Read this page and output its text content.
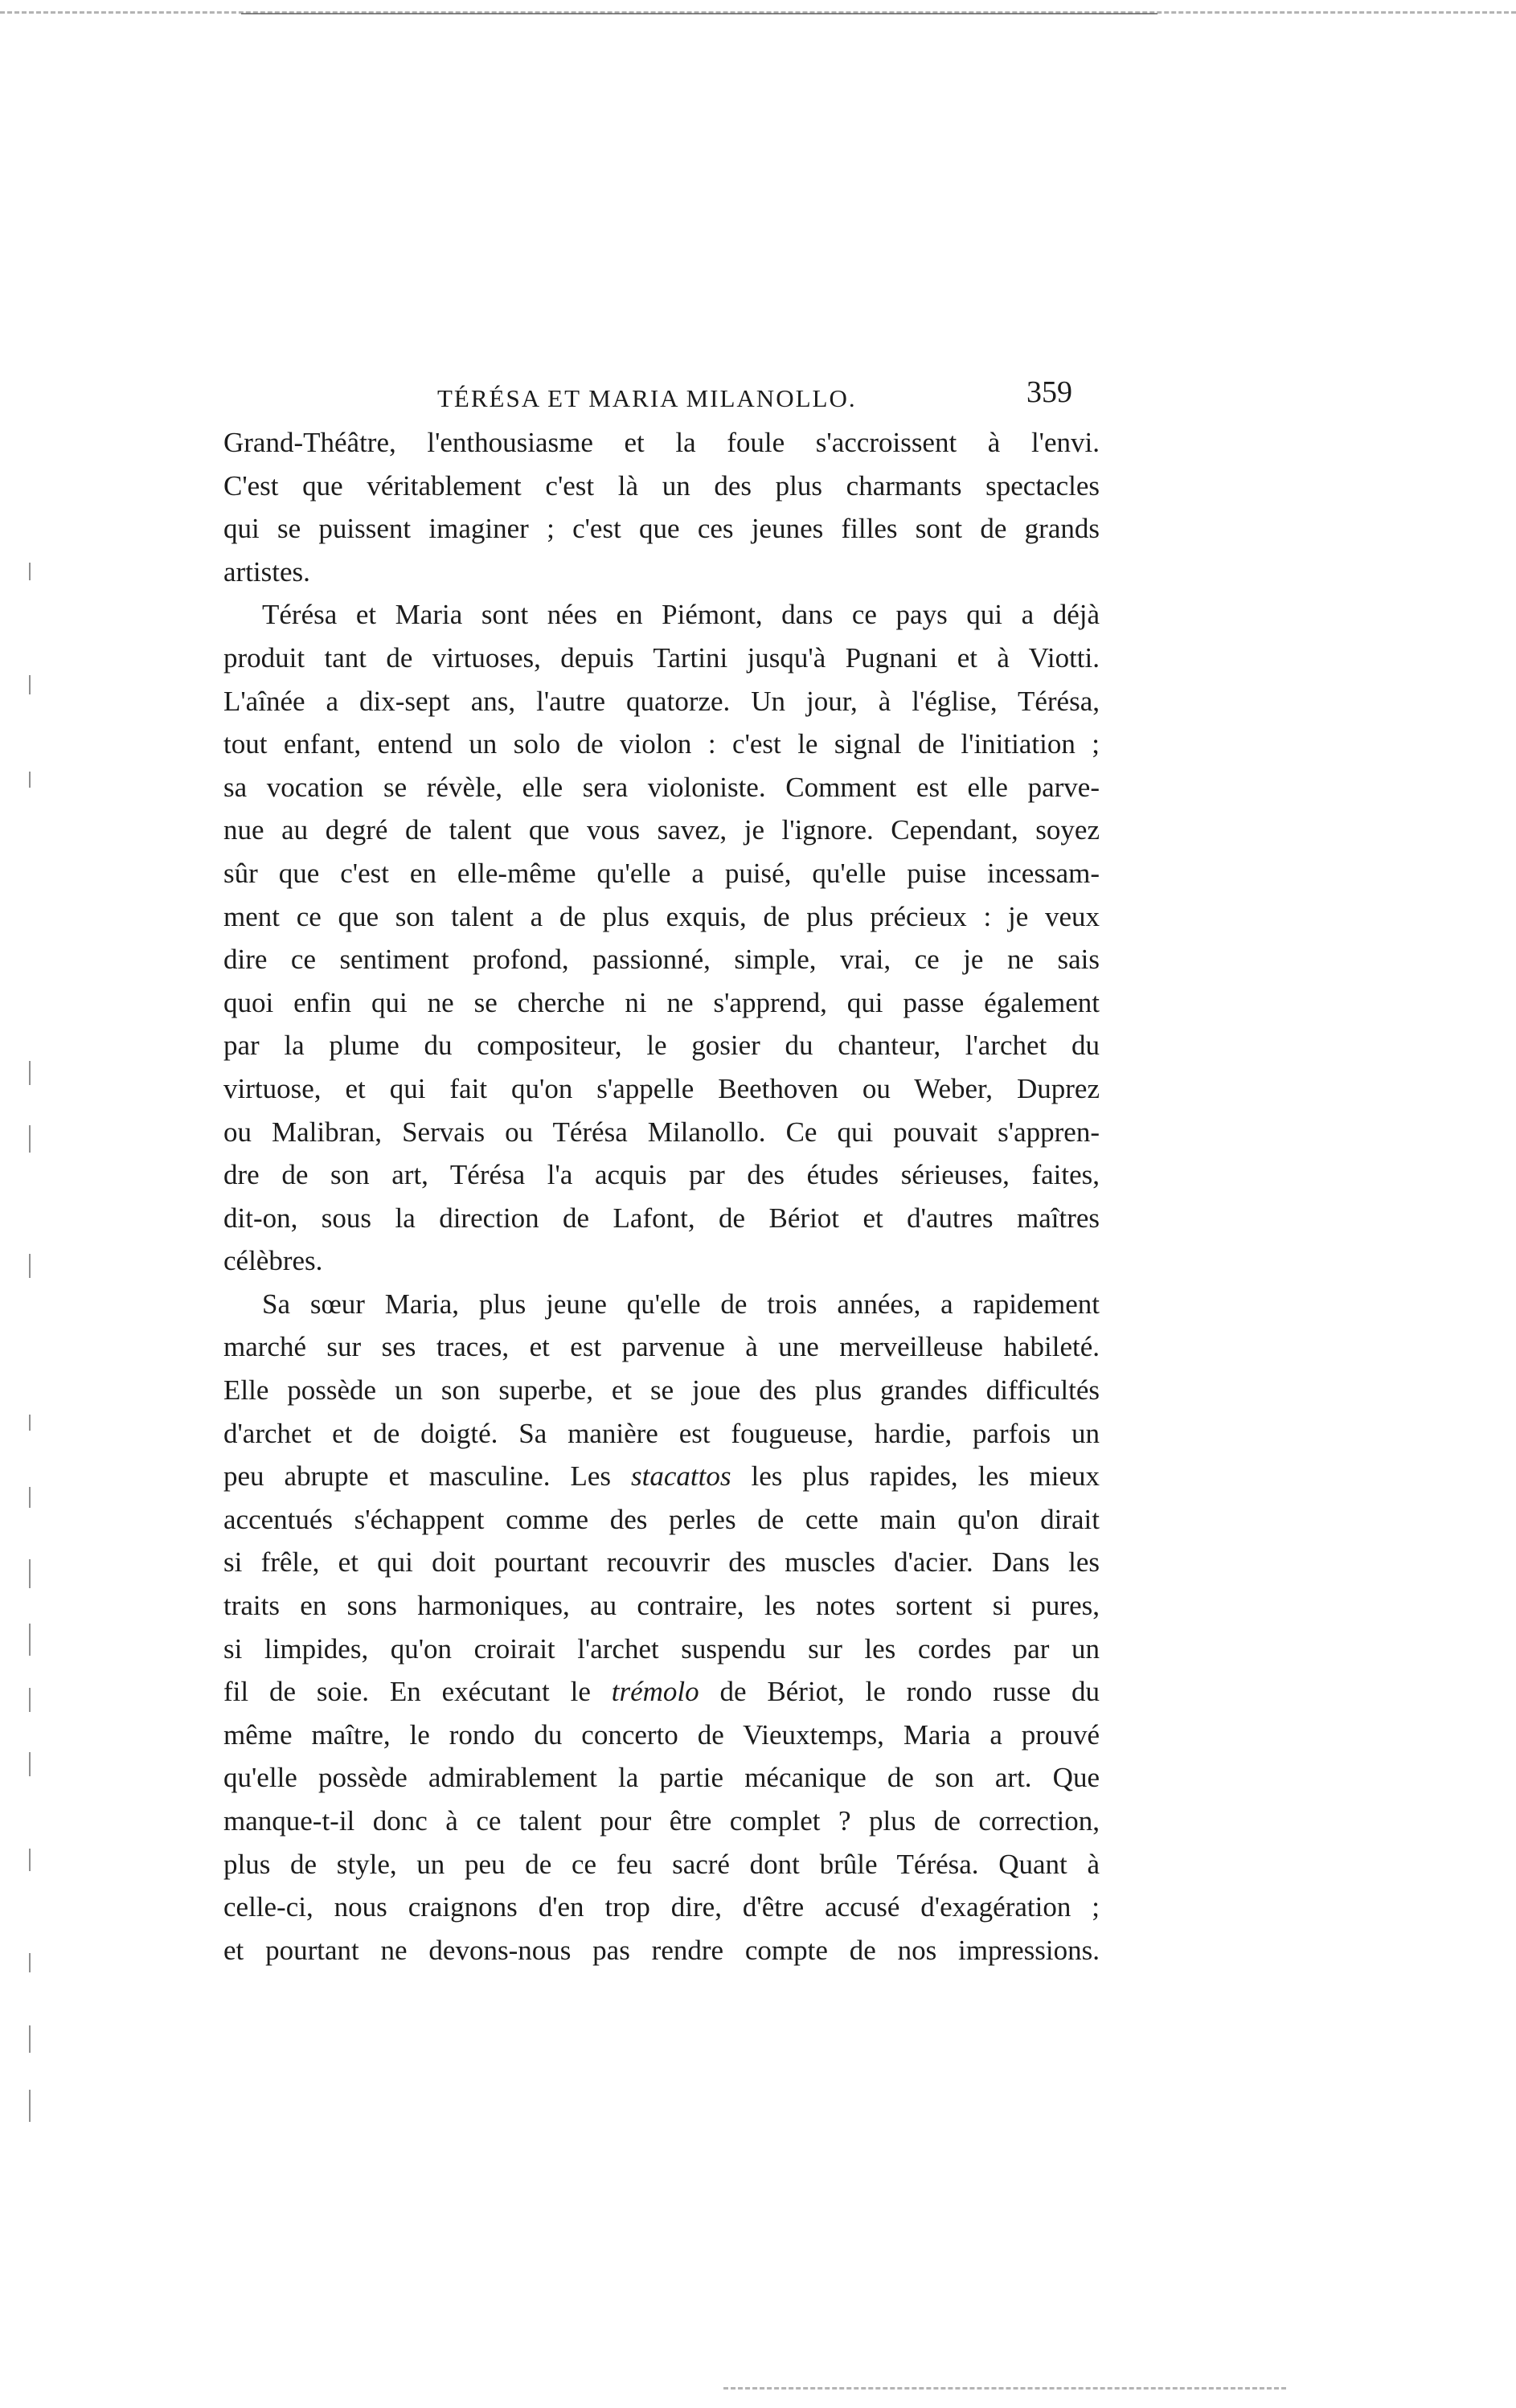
TÉRÉSA ET MARIA MILANOLLO.	359
Grand-Théâtre, l'enthousiasme et la foule s'accroissent à l'envi.
C'est que véritablement c'est là un des plus charmants spectacles
qui se puissent imaginer ; c'est que ces jeunes filles sont de grands
artistes.
Térésa et Maria sont nées en Piémont, dans ce pays qui a déjà
produit tant de virtuoses, depuis Tartini jusqu'à Pugnani et à Viotti.
L'aînée a dix-sept ans, l'autre quatorze. Un jour, à l'église, Térésa,
tout enfant, entend un solo de violon : c'est le signal de l'initiation ;
sa vocation se révèle, elle sera violoniste. Comment est elle parve-
nue au degré de talent que vous savez, je l'ignore. Cependant, soyez
sûr que c'est en elle-même qu'elle a puisé, qu'elle puise incessam-
ment ce que son talent a de plus exquis, de plus précieux : je veux
dire ce sentiment profond, passionné, simple, vrai, ce je ne sais
quoi enfin qui ne se cherche ni ne s'apprend, qui passe également
par la plume du compositeur, le gosier du chanteur, l'archet du
virtuose, et qui fait qu'on s'appelle Beethoven ou Weber, Duprez
ou Malibran, Servais ou Térésa Milanollo. Ce qui pouvait s'appren-
dre de son art, Térésa l'a acquis par des études sérieuses, faites,
dit-on, sous la direction de Lafont, de Bériot et d'autres maîtres
célèbres.
Sa sœur Maria, plus jeune qu'elle de trois années, a rapidement
marché sur ses traces, et est parvenue à une merveilleuse habileté.
Elle possède un son superbe, et se joue des plus grandes difficultés
d'archet et de doigté. Sa manière est fougueuse, hardie, parfois un
peu abrupte et masculine. Les stacattos les plus rapides, les mieux
accentués s'échappent comme des perles de cette main qu'on dirait
si frêle, et qui doit pourtant recouvrir des muscles d'acier. Dans les
traits en sons harmoniques, au contraire, les notes sortent si pures,
si limpides, qu'on croirait l'archet suspendu sur les cordes par un
fil de soie. En exécutant le trémolo de Bériot, le rondo russe du
même maître, le rondo du concerto de Vieuxtemps, Maria a prouvé
qu'elle possède admirablement la partie mécanique de son art. Que
manque-t-il donc à ce talent pour être complet ? plus de correction,
plus de style, un peu de ce feu sacré dont brûle Térésa. Quant à
celle-ci, nous craignons d'en trop dire, d'être accusé d'exagération ;
et pourtant ne devons-nous pas rendre compte de nos impressions.
